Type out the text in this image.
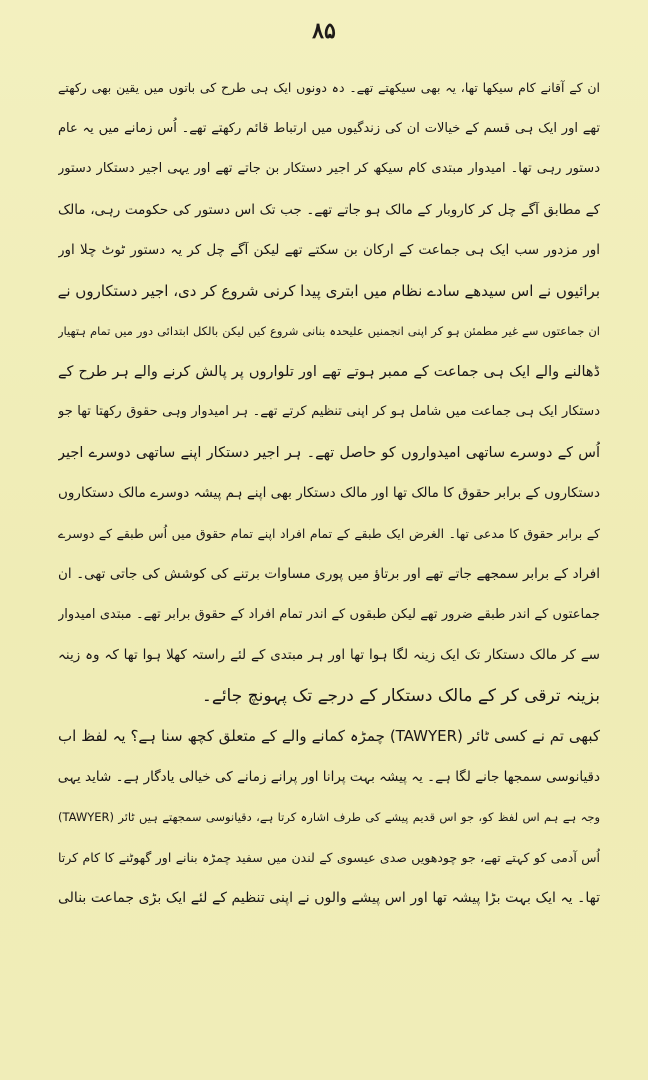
۸۵
ان کے آقانے کام سیکھا تھا، یہ بھی سیکھتے تھے۔ دہ دونوں ایک ہی طرح کی باتوں میں یقین بھی رکھتے
تھے اور ایک ہی قسم کے خیالات ان کی زندگیوں میں ارتباط قائم رکھتے تھے۔ اُس زمانے میں یہ عام
دستور رہی تھا۔ امیدوار مبتدی کام سیکھ کر اجیر دستکار بن جاتے تھے اور یہی اجیر دستکار دستور
کے مطابق آگے چل کر کاروبار کے مالک ہو جاتے تھے۔ جب تک اس دستور کی حکومت رہی، مالک
اور مزدور سب ایک ہی جماعت کے ارکان بن سکتے تھے لیکن آگے چل کر یہ دستور ٹوٹ چلا اور
برائیوں نے اس سیدھے سادے نظام میں ابتری پیدا کرنی شروع کر دی، اجیر دستکاروں نے
ان جماعتوں سے غیر مطمئن ہو کر اپنی انجمنیں علیحدہ بنانی شروع کیں لیکن بالکل ابتدائی دور میں تمام ہتھیار
ڈھالنے والے ایک ہی جماعت کے ممبر ہوتے تھے اور تلواروں پر پالش کرنے والے ہر طرح کے
دستکار ایک ہی جماعت میں شامل ہو کر اپنی تنظیم کرتے تھے۔ ہر امیدوار وہی حقوق رکھتا تھا جو
اُس کے دوسرے ساتھی امیدواروں کو حاصل تھے۔ ہر اجیر دستکار اپنے ساتھی دوسرے اجیر
دستکاروں کے برابر حقوق کا مالک تھا اور مالک دستکار بھی اپنے ہم پیشہ دوسرے مالک دستکاروں
کے برابر حقوق کا مدعی تھا۔ الغرض ایک طبقے کے تمام افراد اپنے تمام حقوق میں اُس طبقے کے دوسرے
افراد کے برابر سمجھے جاتے تھے اور برتاؤ میں پوری مساوات برتنے کی کوشش کی جاتی تھی۔ ان
جماعتوں کے اندر طبقے ضرور تھے لیکن طبقوں کے اندر تمام افراد کے حقوق برابر تھے۔ مبتدی امیدوار
سے کر مالک دستکار تک ایک زینہ لگا ہوا تھا اور ہر مبتدی کے لئے راستہ کھلا ہوا تھا کہ وہ زینہ
بزینہ ترقی کر کے مالک دستکار کے درجے تک پہونچ جائے۔
کبھی تم نے کسی ٹائر (TAWYER) چمڑہ کمانے والے کے متعلق کچھ سنا ہے؟ یہ لفظ اب
دقیانوسی سمجھا جانے لگا ہے۔ یہ پیشہ بہت پرانا اور پرانے زمانے کی خیالی یادگار ہے۔ شاید یہی
وجہ ہے ہم اس لفظ کو، جو اس قدیم پیشے کی طرف اشارہ کرتا ہے، دقیانوسی سمجھتے ہیں ٹائر (TAWYER)
اُس آدمی کو کہتے تھے، جو چودھویں صدی عیسوی کے لندن میں سفید چمڑہ بنانے اور گھوٹنے کا کام کرتا
تھا۔ یہ ایک بہت بڑا پیشہ تھا اور اس پیشے والوں نے اپنی تنظیم کے لئے ایک بڑی جماعت بنالی
